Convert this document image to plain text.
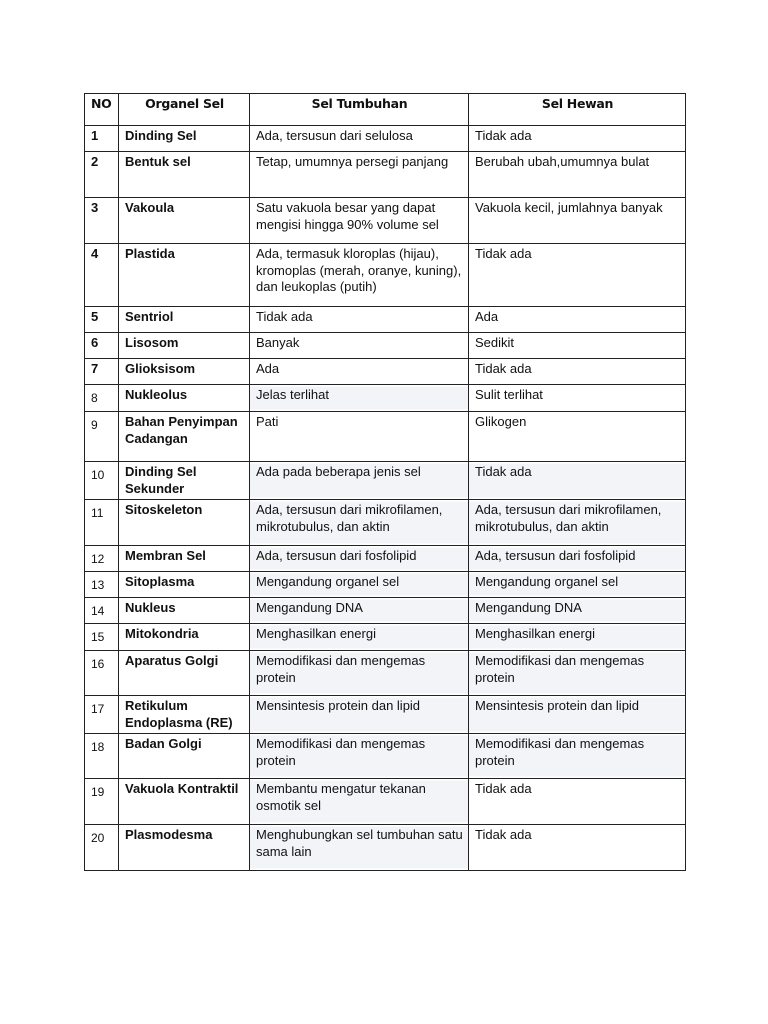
NO	Organel Sel	Sel Tumbuhan	Sel Hewan
1	Dinding Sel	Ada, tersusun dari selulosa	Tidak ada
2	Bentuk sel	Tetap, umumnya persegi panjang	Berubah ubah,umumnya bulat
3	Vakoula	Satu vakuola besar yang dapat mengisi hingga 90% volume sel	Vakuola kecil, jumlahnya banyak
4	Plastida	Ada, termasuk kloroplas (hijau), kromoplas (merah, oranye, kuning), dan leukoplas (putih)	Tidak ada
5	Sentriol	Tidak ada	Ada
6	Lisosom	Banyak	Sedikit
7	Glioksisom	Ada	Tidak ada
8	Nukleolus	Jelas terlihat	Sulit terlihat
9	Bahan Penyimpan Cadangan	Pati	Glikogen
10	Dinding Sel Sekunder	Ada pada beberapa jenis sel	Tidak ada
11	Sitoskeleton	Ada, tersusun dari mikrofilamen, mikrotubulus, dan aktin	Ada, tersusun dari mikrofilamen, mikrotubulus, dan aktin
12	Membran Sel	Ada, tersusun dari fosfolipid	Ada, tersusun dari fosfolipid
13	Sitoplasma	Mengandung organel sel	Mengandung organel sel
14	Nukleus	Mengandung DNA	Mengandung DNA
15	Mitokondria	Menghasilkan energi	Menghasilkan energi
16	Aparatus Golgi	Memodifikasi dan mengemas protein	Memodifikasi dan mengemas protein
17	Retikulum Endoplasma (RE)	Mensintesis protein dan lipid	Mensintesis protein dan lipid
18	Badan Golgi	Memodifikasi dan mengemas protein	Memodifikasi dan mengemas protein
19	Vakuola Kontraktil	Membantu mengatur tekanan osmotik sel	Tidak ada
20	Plasmodesma	Menghubungkan sel tumbuhan satu sama lain	Tidak ada
